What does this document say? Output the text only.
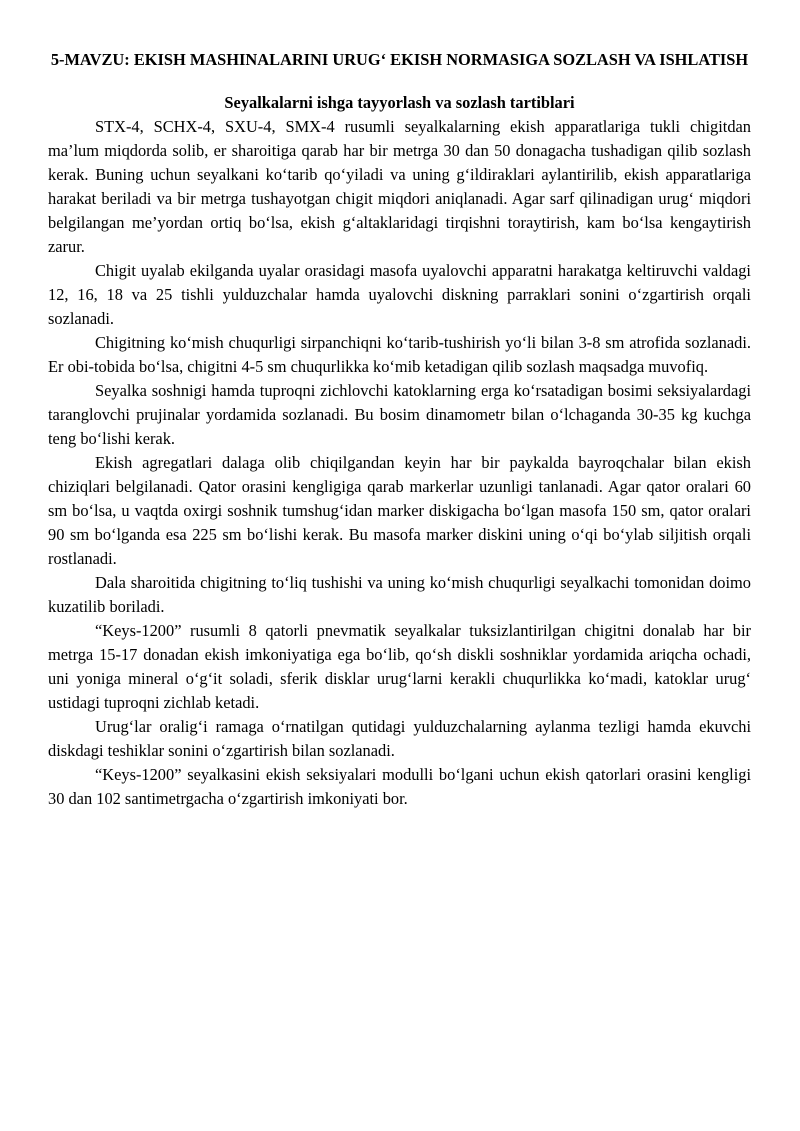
5-MAVZU: EKISH MASHINALARINI URUG‘ EKISH NORMASIGA SOZLASH VA ISHLATISH
Seyalkalarni ishga tayyorlash va sozlash tartiblari

STX-4, SCHX-4, SXU-4, SMX-4 rusumli seyalkalarning ekish apparatlariga tukli chigitdan ma’lum miqdorda solib, er sharoitiga qarab har bir metrga 30 dan 50 donagacha tushadigan qilib sozlash kerak. Buning uchun seyalkani ko‘tarib qo‘yiladi va uning g‘ildiraklari aylantirilib, ekish apparatlariga harakat beriladi va bir metrga tushayotgan chigit miqdori aniqlanadi. Agar sarf qilinadigan urug‘ miqdori belgilangan me’yordan ortiq bo‘lsa, ekish g‘altaklaridagi tirqishni toraytirish, kam bo‘lsa kengaytirish zarur.

Chigit uyalab ekilganda uyalar orasidagi masofa uyalovchi apparatni harakatga keltiruvchi valdagi 12, 16, 18 va 25 tishli yulduzchalar hamda uyalovchi diskning parraklari sonini o‘zgartirish orqali sozlanadi.

Chigitning ko‘mish chuqurligi sirpanchiqni ko‘tarib-tushirish yo‘li bilan 3-8 sm atrofida sozlanadi. Er obi-tobida bo‘lsa, chigitni 4-5 sm chuqurlikka ko‘mib ketadigan qilib sozlash maqsadga muvofiq.

Seyalka soshnigi hamda tuproqni zichlovchi katoklarning erga ko‘rsatadigan bosimi seksiyalardagi taranglovchi prujinalar yordamida sozlanadi. Bu bosim dinamometr bilan o‘lchaganda 30-35 kg kuchga teng bo‘lishi kerak.

Ekish agregatlari dalaga olib chiqilgandan keyin har bir paykalda bayroqchalar bilan ekish chiziqlari belgilanadi. Qator orasini kengligiga qarab markerlar uzunligi tanlanadi. Agar qator oralari 60 sm bo‘lsa, u vaqtda oxirgi soshnik tumshug‘idan marker diskigacha bo‘lgan masofa 150 sm, qator oralari 90 sm bo‘lganda esa 225 sm bo‘lishi kerak. Bu masofa marker diskini uning o‘qi bo‘ylab siljitish orqali rostlanadi.

Dala sharoitida chigitning to‘liq tushishi va uning ko‘mish chuqurligi seyalkachi tomonidan doimo kuzatilib boriladi.

“Keys-1200” rusumli 8 qatorli pnevmatik seyalkalar tuksizlantirilgan chigitni donalab har bir metrga 15-17 donadan ekish imkoniyatiga ega bo‘lib, qo‘sh diskli soshniklar yordamida ariqcha ochadi, uni yoniga mineral o‘g‘it soladi, sferik disklar urug‘larni kerakli chuqurlikka ko‘madi, katoklar urug‘ ustidagi tuproqni zichlab ketadi.

Urug‘lar oralig‘i ramaga o‘rnatilgan qutidagi yulduzchalarning aylanma tezligi hamda ekuvchi diskdagi teshiklar sonini o‘zgartirish bilan sozlanadi.

“Keys-1200” seyalkasini ekish seksiyalari modulli bo‘lgani uchun ekish qatorlari orasini kengligi 30 dan 102 santimetrgacha o‘zgartirish imkoniyati bor.
